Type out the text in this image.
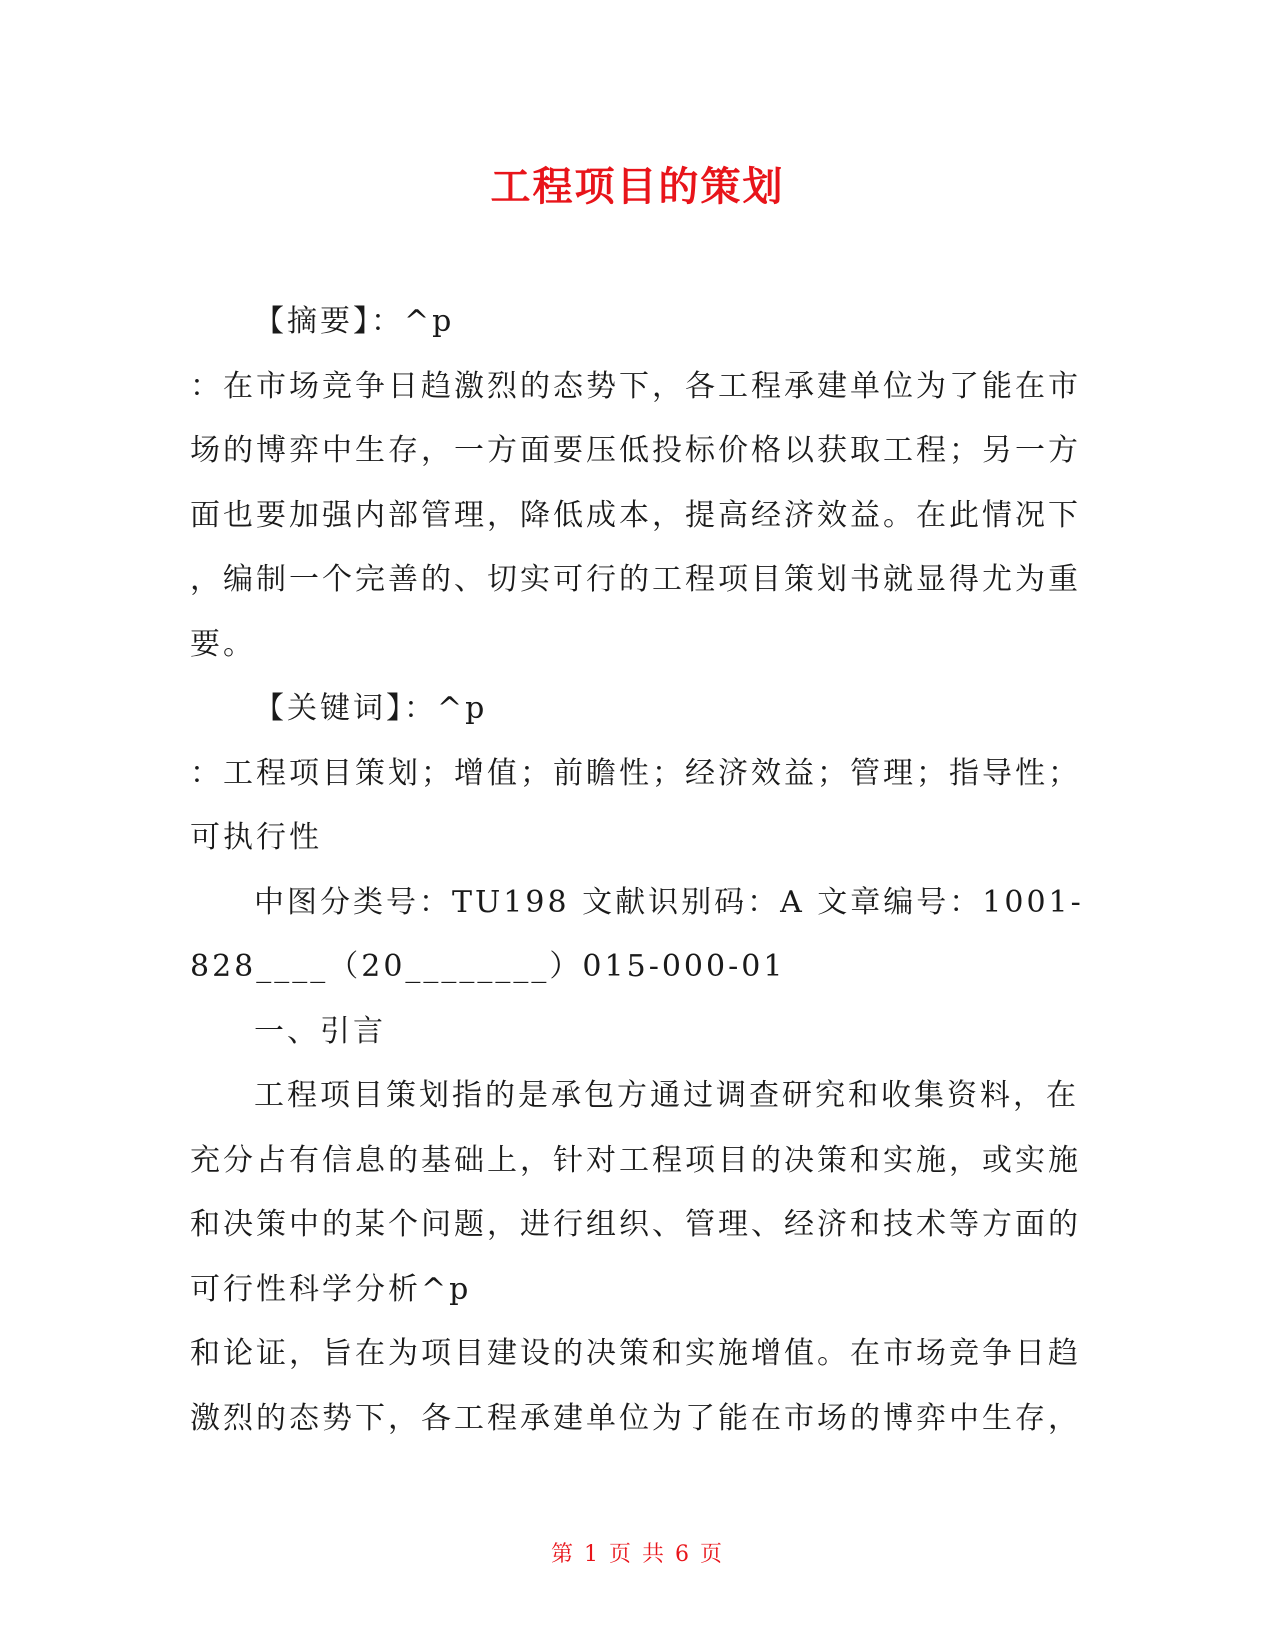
工程项目的策划
【摘要】：^p
：在市场竞争日趋激烈的态势下，各工程承建单位为了能在市
场的博弈中生存，一方面要压低投标价格以获取工程；另一方
面也要加强内部管理，降低成本，提高经济效益。在此情况下
，编制一个完善的、切实可行的工程项目策划书就显得尤为重
要。
【关键词】：^p
：工程项目策划；增值；前瞻性；经济效益；管理；指导性；
可执行性
中图分类号：TU198 文献识别码：A 文章编号：1001-
828____（20________）015-000-01
一、引言
工程项目策划指的是承包方通过调查研究和收集资料，在
充分占有信息的基础上，针对工程项目的决策和实施，或实施
和决策中的某个问题，进行组织、管理、经济和技术等方面的
可行性科学分析^p
和论证，旨在为项目建设的决策和实施增值。在市场竞争日趋
激烈的态势下，各工程承建单位为了能在市场的博弈中生存，
第 1 页 共 6 页
